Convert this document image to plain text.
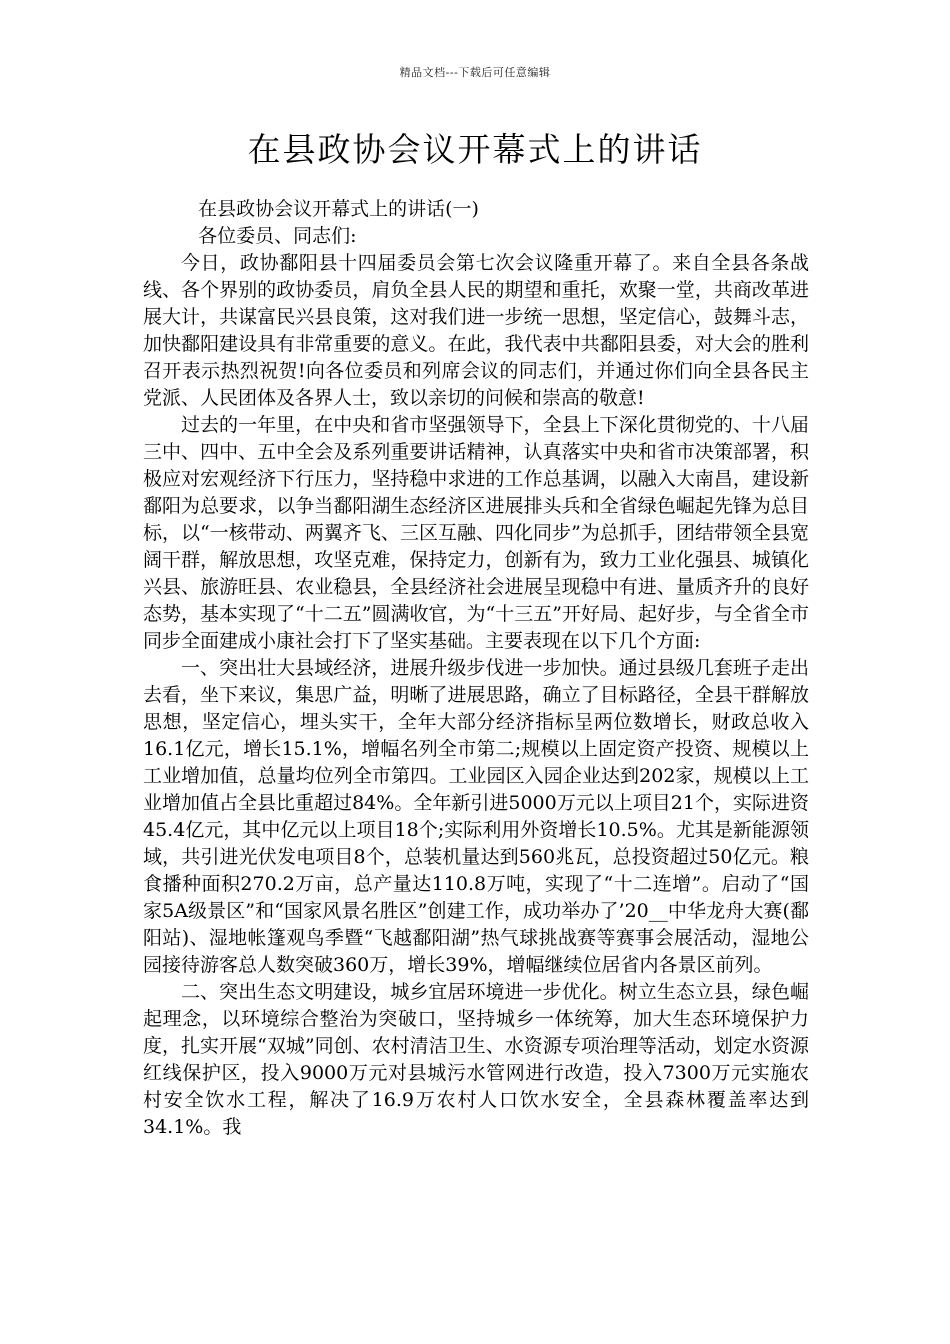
精品文档---下载后可任意编辑
在县政协会议开幕式上的讲话

在县政协会议开幕式上的讲话(一)

各位委员、同志们:

今日，政协鄱阳县十四届委员会第七次会议隆重开幕了。来自全县各条战线、各个界别的政协委员，肩负全县人民的期望和重托，欢聚一堂，共商改革进展大计，共谋富民兴县良策，这对我们进一步统一思想，坚定信心，鼓舞斗志，加快鄱阳建设具有非常重要的意义。在此，我代表中共鄱阳县委，对大会的胜利召开表示热烈祝贺!向各位委员和列席会议的同志们，并通过你们向全县各民主党派、人民团体及各界人士，致以亲切的问候和崇高的敬意!

过去的一年里，在中央和省市坚强领导下，全县上下深化贯彻党的、十八届三中、四中、五中全会及系列重要讲话精神，认真落实中央和省市决策部署，积极应对宏观经济下行压力，坚持稳中求进的工作总基调，以融入大南昌，建设新鄱阳为总要求，以争当鄱阳湖生态经济区进展排头兵和全省绿色崛起先锋为总目标，以“一核带动、两翼齐飞、三区互融、四化同步”为总抓手，团结带领全县宽阔干群，解放思想，攻坚克难，保持定力，创新有为，致力工业化强县、城镇化兴县、旅游旺县、农业稳县，全县经济社会进展呈现稳中有进、量质齐升的良好态势，基本实现了“十二五”圆满收官，为“十三五”开好局、起好步，与全省全市同步全面建成小康社会打下了坚实基础。主要表现在以下几个方面:

一、突出壮大县域经济，进展升级步伐进一步加快。通过县级几套班子走出去看，坐下来议，集思广益，明晰了进展思路，确立了目标路径，全县干群解放思想，坚定信心，埋头实干，全年大部分经济指标呈两位数增长，财政总收入16.1亿元，增长15.1%，增幅名列全市第二;规模以上固定资产投资、规模以上工业增加值，总量均位列全市第四。工业园区入园企业达到202家，规模以上工业增加值占全县比重超过84%。全年新引进5000万元以上项目21个，实际进资45.4亿元，其中亿元以上项目18个;实际利用外资增长10.5%。尤其是新能源领域，共引进光伏发电项目8个，总装机量达到560兆瓦，总投资超过50亿元。粮食播种面积270.2万亩，总产量达110.8万吨，实现了“十二连增”。启动了“国家5A级景区”和“国家风景名胜区”创建工作，成功举办了’20__中华龙舟大赛(鄱阳站)、湿地帐篷观鸟季暨“飞越鄱阳湖”热气球挑战赛等赛事会展活动，湿地公园接待游客总人数突破360万，增长39%，增幅继续位居省内各景区前列。

二、突出生态文明建设，城乡宜居环境进一步优化。树立生态立县，绿色崛起理念，以环境综合整治为突破口，坚持城乡一体统筹，加大生态环境保护力度，扎实开展“双城”同创、农村清洁卫生、水资源专项治理等活动，划定水资源红线保护区，投入9000万元对县城污水管网进行改造，投入7300万元实施农村安全饮水工程，解决了16.9万农村人口饮水安全，全县森林覆盖率达到34.1%。我
